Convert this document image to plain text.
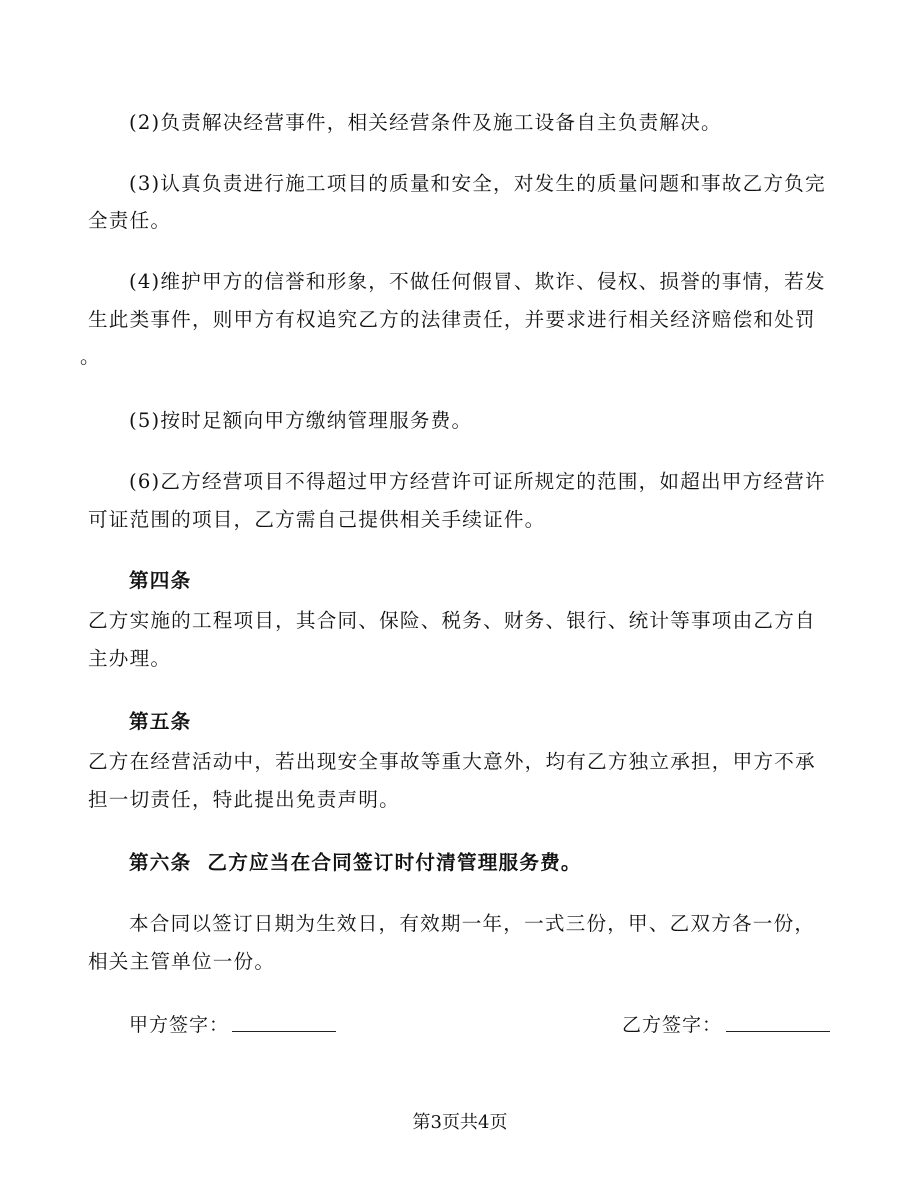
(2)负责解决经营事件，相关经营条件及施工设备自主负责解决。
(3)认真负责进行施工项目的质量和安全，对发生的质量问题和事故乙方负完
全责任。
(4)维护甲方的信誉和形象，不做任何假冒、欺诈、侵权、损誉的事情，若发
生此类事件，则甲方有权追究乙方的法律责任，并要求进行相关经济赔偿和处罚
。
(5)按时足额向甲方缴纳管理服务费。
(6)乙方经营项目不得超过甲方经营许可证所规定的范围，如超出甲方经营许
可证范围的项目，乙方需自己提供相关手续证件。
第四条
乙方实施的工程项目，其合同、保险、税务、财务、银行、统计等事项由乙方自
主办理。
第五条
乙方在经营活动中，若出现安全事故等重大意外，均有乙方独立承担，甲方不承
担一切责任，特此提出免责声明。
第六条  乙方应当在合同签订时付清管理服务费。
本合同以签订日期为生效日，有效期一年，一式三份，甲、乙双方各一份，
相关主管单位一份。
甲方签字：	乙方签字：
第3页共4页
